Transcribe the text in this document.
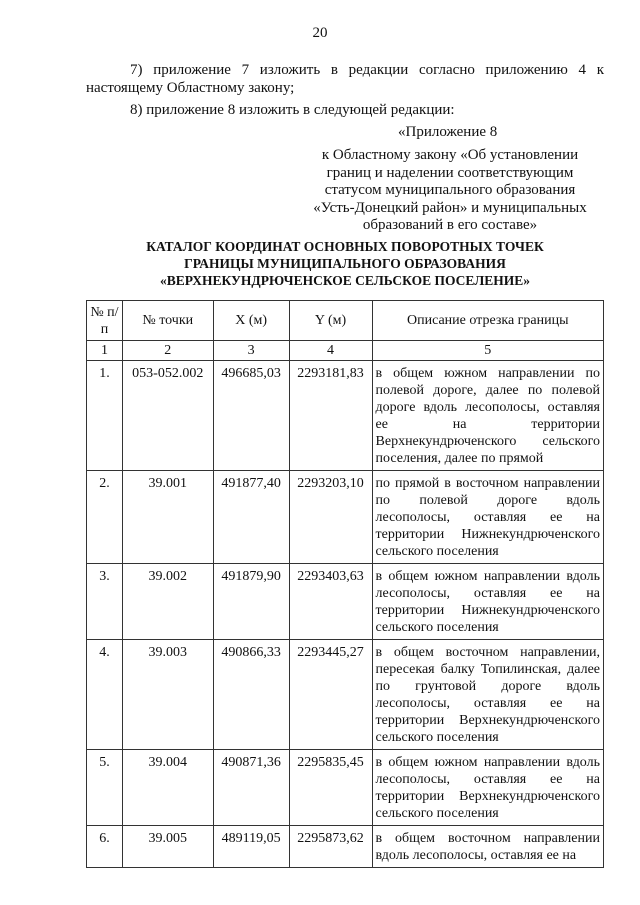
20
7) приложение 7 изложить в редакции согласно приложению 4 к настоящему Областному закону;
8) приложение 8 изложить в следующей редакции:
«Приложение 8
к Областному закону «Об установлении
границ и наделении соответствующим
статусом муниципального образования
«Усть-Донецкий район» и муниципальных
образований в его составе»
КАТАЛОГ КООРДИНАТ ОСНОВНЫХ ПОВОРОТНЫХ ТОЧЕК
ГРАНИЦЫ МУНИЦИПАЛЬНОГО ОБРАЗОВАНИЯ
«ВЕРХНЕКУНДРЮЧЕНСКОЕ СЕЛЬСКОЕ ПОСЕЛЕНИЕ»
№ п/п	№ точки	X (м)	Y (м)	Описание отрезка границы
1	2	3	4	5
1.	053-052.002	496685,03	2293181,83	в общем южном направлении по полевой дороге, далее по полевой дороге вдоль лесополосы, оставляя ее на территории Верхнекундрюченского сельского поселения, далее по прямой
2.	39.001	491877,40	2293203,10	по прямой в восточном направлении по полевой дороге вдоль лесополосы, оставляя ее на территории Нижнекундрюченского сельского поселения
3.	39.002	491879,90	2293403,63	в общем южном направлении вдоль лесополосы, оставляя ее на территории Нижнекундрюченского сельского поселения
4.	39.003	490866,33	2293445,27	в общем восточном направлении, пересекая балку Топилинская, далее по грунтовой дороге вдоль лесополосы, оставляя ее на территории Верхнекундрюченского сельского поселения
5.	39.004	490871,36	2295835,45	в общем южном направлении вдоль лесополосы, оставляя ее на территории Верхнекундрюченского сельского поселения
6.	39.005	489119,05	2295873,62	в общем восточном направлении вдоль лесополосы, оставляя ее на
